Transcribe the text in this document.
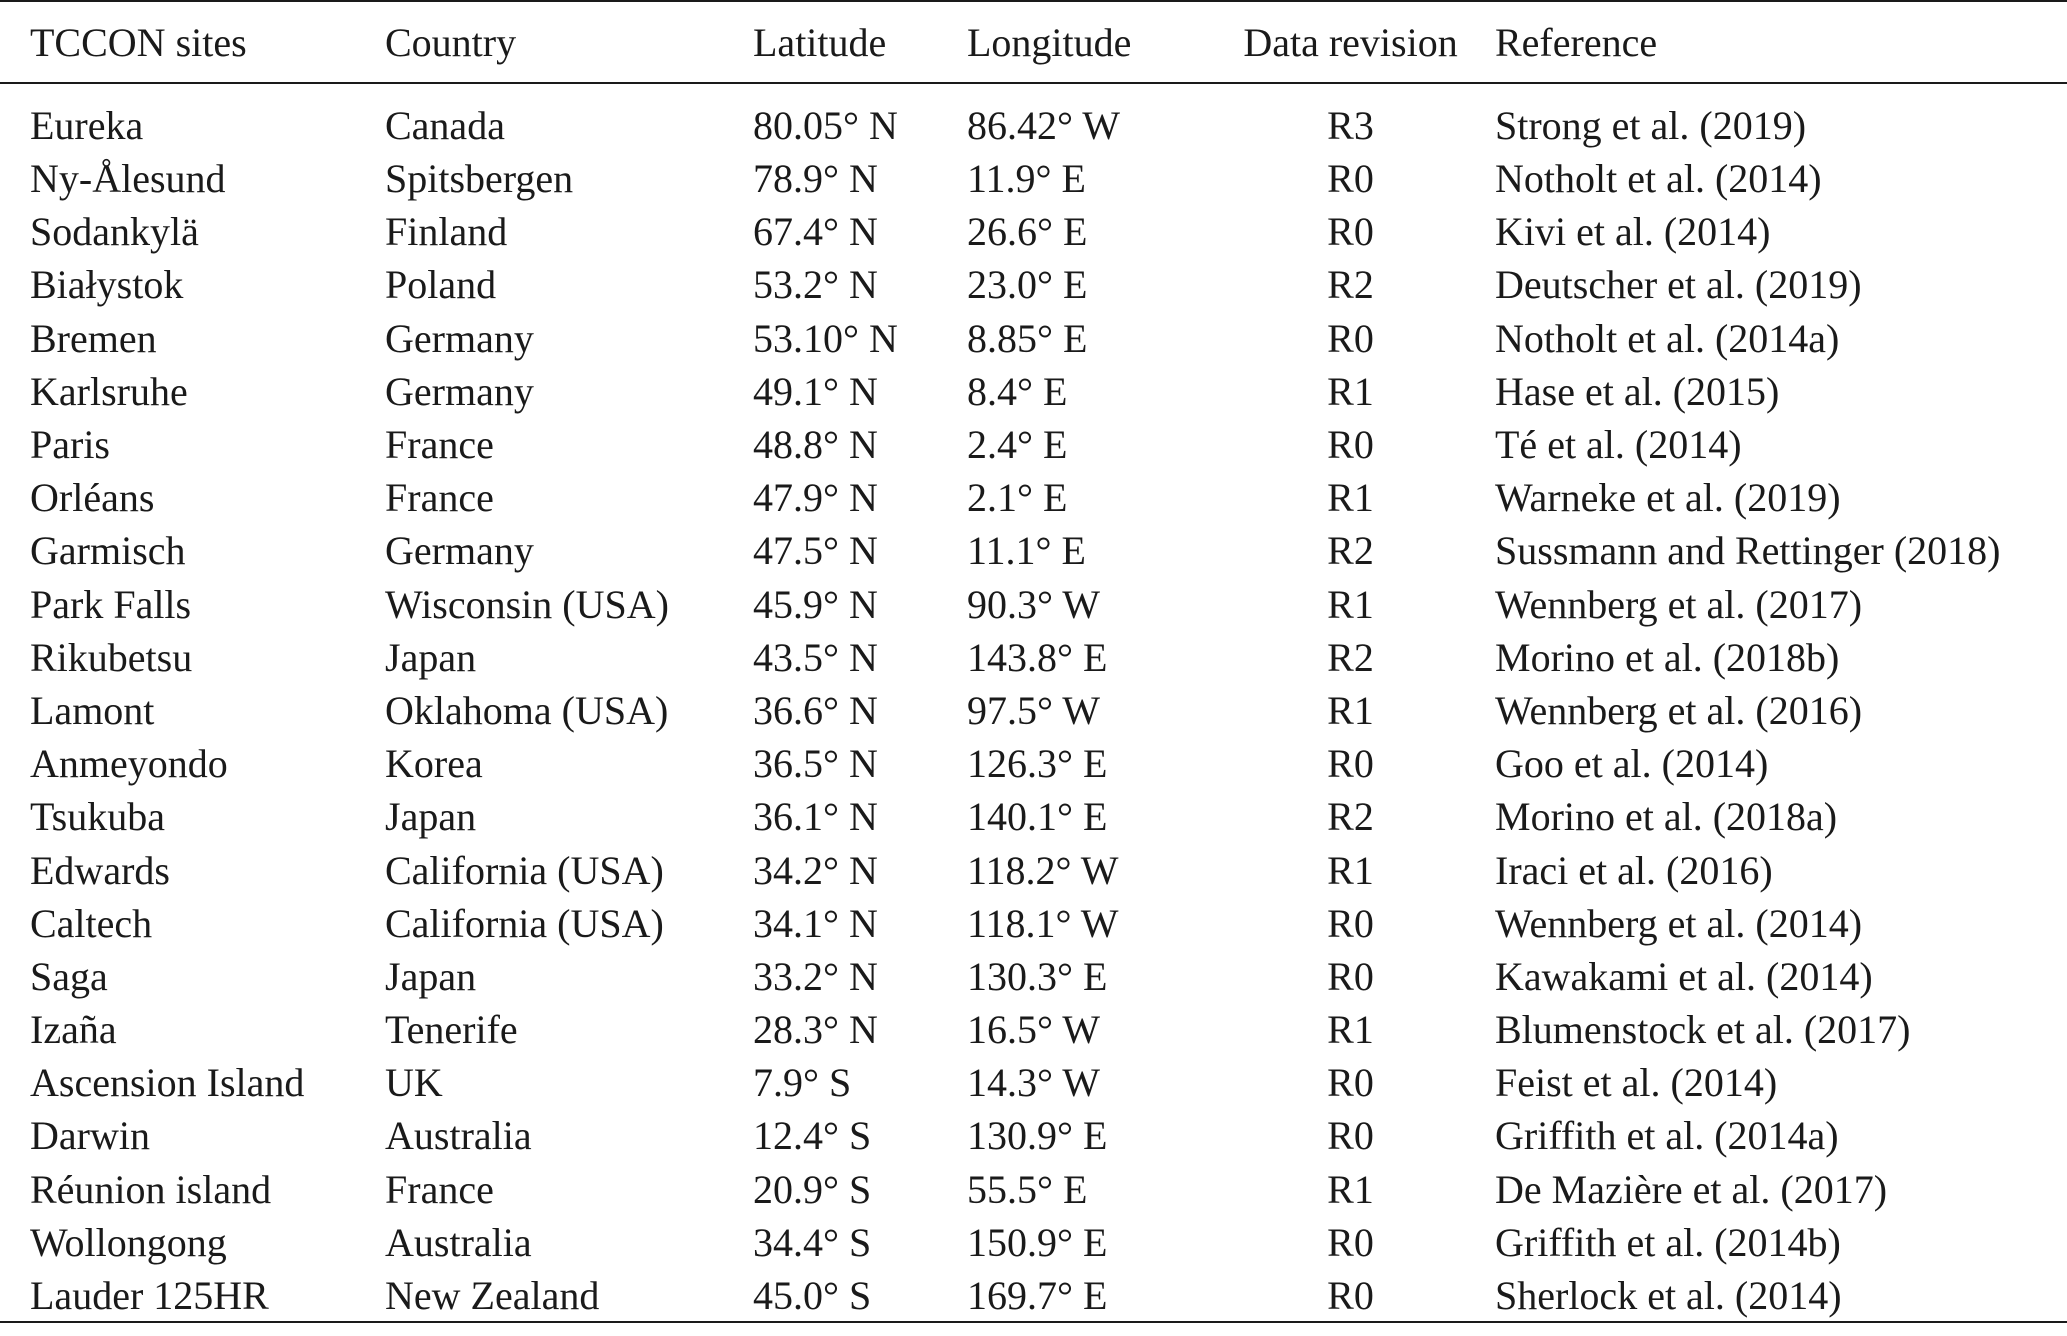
TCCON sites	Country	Latitude	Longitude	Data revision	Reference
Eureka	Canada	80.05° N	86.42° W	R3	Strong et al. (2019)
Ny-Ålesund	Spitsbergen	78.9° N	11.9° E	R0	Notholt et al. (2014)
Sodankylä	Finland	67.4° N	26.6° E	R0	Kivi et al. (2014)
Białystok	Poland	53.2° N	23.0° E	R2	Deutscher et al. (2019)
Bremen	Germany	53.10° N	8.85° E	R0	Notholt et al. (2014a)
Karlsruhe	Germany	49.1° N	8.4° E	R1	Hase et al. (2015)
Paris	France	48.8° N	2.4° E	R0	Té et al. (2014)
Orléans	France	47.9° N	2.1° E	R1	Warneke et al. (2019)
Garmisch	Germany	47.5° N	11.1° E	R2	Sussmann and Rettinger (2018)
Park Falls	Wisconsin (USA)	45.9° N	90.3° W	R1	Wennberg et al. (2017)
Rikubetsu	Japan	43.5° N	143.8° E	R2	Morino et al. (2018b)
Lamont	Oklahoma (USA)	36.6° N	97.5° W	R1	Wennberg et al. (2016)
Anmeyondo	Korea	36.5° N	126.3° E	R0	Goo et al. (2014)
Tsukuba	Japan	36.1° N	140.1° E	R2	Morino et al. (2018a)
Edwards	California (USA)	34.2° N	118.2° W	R1	Iraci et al. (2016)
Caltech	California (USA)	34.1° N	118.1° W	R0	Wennberg et al. (2014)
Saga	Japan	33.2° N	130.3° E	R0	Kawakami et al. (2014)
Izaña	Tenerife	28.3° N	16.5° W	R1	Blumenstock et al. (2017)
Ascension Island	UK	7.9° S	14.3° W	R0	Feist et al. (2014)
Darwin	Australia	12.4° S	130.9° E	R0	Griffith et al. (2014a)
Réunion island	France	20.9° S	55.5° E	R1	De Mazière et al. (2017)
Wollongong	Australia	34.4° S	150.9° E	R0	Griffith et al. (2014b)
Lauder 125HR	New Zealand	45.0° S	169.7° E	R0	Sherlock et al. (2014)
